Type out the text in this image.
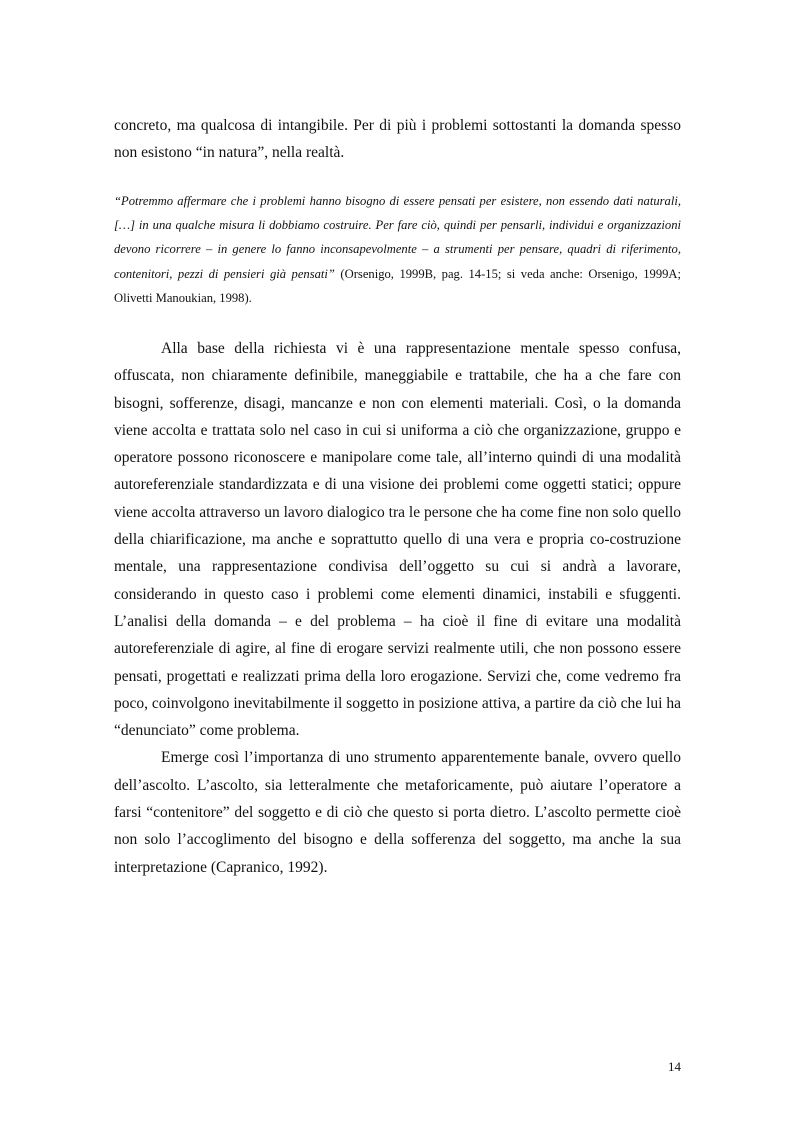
concreto, ma qualcosa di intangibile. Per di più i problemi sottostanti la domanda spesso non esistono “in natura”, nella realtà.

“Potremmo affermare che i problemi hanno bisogno di essere pensati per esistere, non essendo dati naturali, […] in una qualche misura li dobbiamo costruire. Per fare ciò, quindi per pensarli, individui e organizzazioni devono ricorrere – in genere lo fanno inconsapevolmente – a strumenti per pensare, quadri di riferimento, contenitori, pezzi di pensieri già pensati” (Orsenigo, 1999B, pag. 14-15; si veda anche: Orsenigo, 1999A; Olivetti Manoukian, 1998).

Alla base della richiesta vi è una rappresentazione mentale spesso confusa, offuscata, non chiaramente definibile, maneggiabile e trattabile, che ha a che fare con bisogni, sofferenze, disagi, mancanze e non con elementi materiali. Così, o la domanda viene accolta e trattata solo nel caso in cui si uniforma a ciò che organizzazione, gruppo e operatore possono riconoscere e manipolare come tale, all’interno quindi di una modalità autoreferenziale standardizzata e di una visione dei problemi come oggetti statici; oppure viene accolta attraverso un lavoro dialogico tra le persone che ha come fine non solo quello della chiarificazione, ma anche e soprattutto quello di una vera e propria co-costruzione mentale, una rappresentazione condivisa dell’oggetto su cui si andrà a lavorare, considerando in questo caso i problemi come elementi dinamici, instabili e sfuggenti. L’analisi della domanda – e del problema – ha cioè il fine di evitare una modalità autoreferenziale di agire, al fine di erogare servizi realmente utili, che non possono essere pensati, progettati e realizzati prima della loro erogazione. Servizi che, come vedremo fra poco, coinvolgono inevitabilmente il soggetto in posizione attiva, a partire da ciò che lui ha “denunciato” come problema.

Emerge così l’importanza di uno strumento apparentemente banale, ovvero quello dell’ascolto. L’ascolto, sia letteralmente che metaforicamente, può aiutare l’operatore a farsi “contenitore” del soggetto e di ciò che questo si porta dietro. L’ascolto permette cioè non solo l’accoglimento del bisogno e della sofferenza del soggetto, ma anche la sua interpretazione (Capranico, 1992).

14
